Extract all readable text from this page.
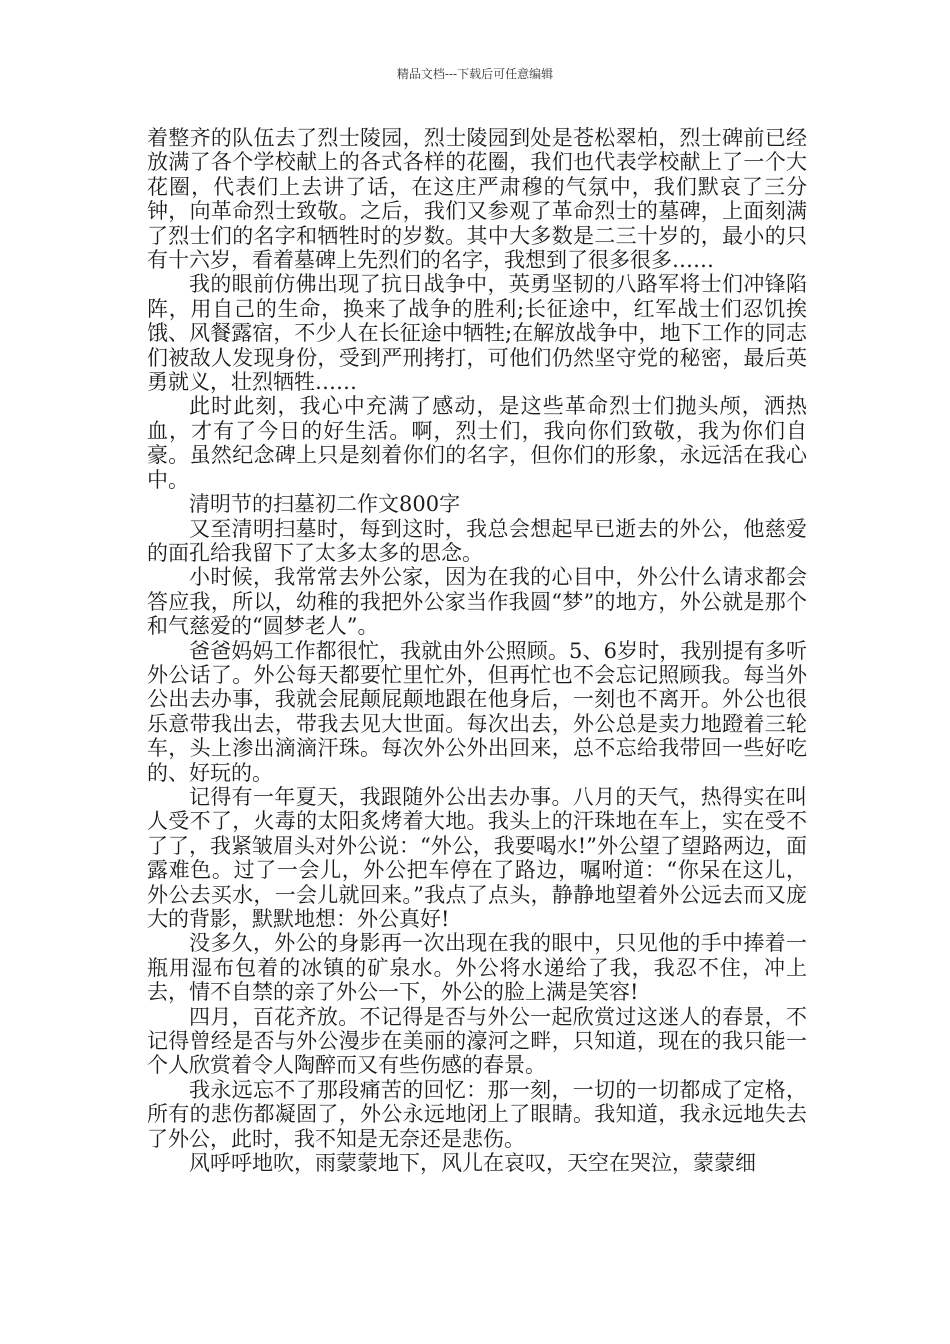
精品文档---下载后可任意编辑

着整齐的队伍去了烈士陵园，烈士陵园到处是苍松翠柏，烈士碑前已经放满了各个学校献上的各式各样的花圈，我们也代表学校献上了一个大花圈，代表们上去讲了话，在这庄严肃穆的气氛中，我们默哀了三分钟，向革命烈士致敬。之后，我们又参观了革命烈士的墓碑，上面刻满了烈士们的名字和牺牲时的岁数。其中大多数是二三十岁的，最小的只有十六岁，看着墓碑上先烈们的名字，我想到了很多很多……

我的眼前仿佛出现了抗日战争中，英勇坚韧的八路军将士们冲锋陷阵，用自己的生命，换来了战争的胜利;长征途中，红军战士们忍饥挨饿、风餐露宿，不少人在长征途中牺牲;在解放战争中，地下工作的同志们被敌人发现身份，受到严刑拷打，可他们仍然坚守党的秘密，最后英勇就义，壮烈牺牲……

此时此刻，我心中充满了感动，是这些革命烈士们抛头颅，洒热血，才有了今日的好生活。啊，烈士们，我向你们致敬，我为你们自豪。虽然纪念碑上只是刻着你们的名字，但你们的形象，永远活在我心中。

清明节的扫墓初二作文800字

又至清明扫墓时，每到这时，我总会想起早已逝去的外公，他慈爱的面孔给我留下了太多太多的思念。

小时候，我常常去外公家，因为在我的心目中，外公什么请求都会答应我，所以，幼稚的我把外公家当作我圆“梦”的地方，外公就是那个和气慈爱的“圆梦老人”。

爸爸妈妈工作都很忙，我就由外公照顾。5、6岁时，我别提有多听外公话了。外公每天都要忙里忙外，但再忙也不会忘记照顾我。每当外公出去办事，我就会屁颠屁颠地跟在他身后，一刻也不离开。外公也很乐意带我出去，带我去见大世面。每次出去，外公总是卖力地蹬着三轮车，头上渗出滴滴汗珠。每次外公外出回来，总不忘给我带回一些好吃的、好玩的。

记得有一年夏天，我跟随外公出去办事。八月的天气，热得实在叫人受不了，火毒的太阳炙烤着大地。我头上的汗珠地在车上，实在受不了了，我紧皱眉头对外公说：“外公，我要喝水!”外公望了望路两边，面露难色。过了一会儿，外公把车停在了路边，嘱咐道：“你呆在这儿，外公去买水，一会儿就回来。”我点了点头，静静地望着外公远去而又庞大的背影，默默地想：外公真好!

没多久，外公的身影再一次出现在我的眼中，只见他的手中捧着一瓶用湿布包着的冰镇的矿泉水。外公将水递给了我，我忍不住，冲上去，情不自禁的亲了外公一下，外公的脸上满是笑容!

四月，百花齐放。不记得是否与外公一起欣赏过这迷人的春景，不记得曾经是否与外公漫步在美丽的濠河之畔，只知道，现在的我只能一个人欣赏着令人陶醉而又有些伤感的春景。

我永远忘不了那段痛苦的回忆：那一刻，一切的一切都成了定格，所有的悲伤都凝固了，外公永远地闭上了眼睛。我知道，我永远地失去了外公，此时，我不知是无奈还是悲伤。

风呼呼地吹，雨蒙蒙地下，风儿在哀叹，天空在哭泣，蒙蒙细
